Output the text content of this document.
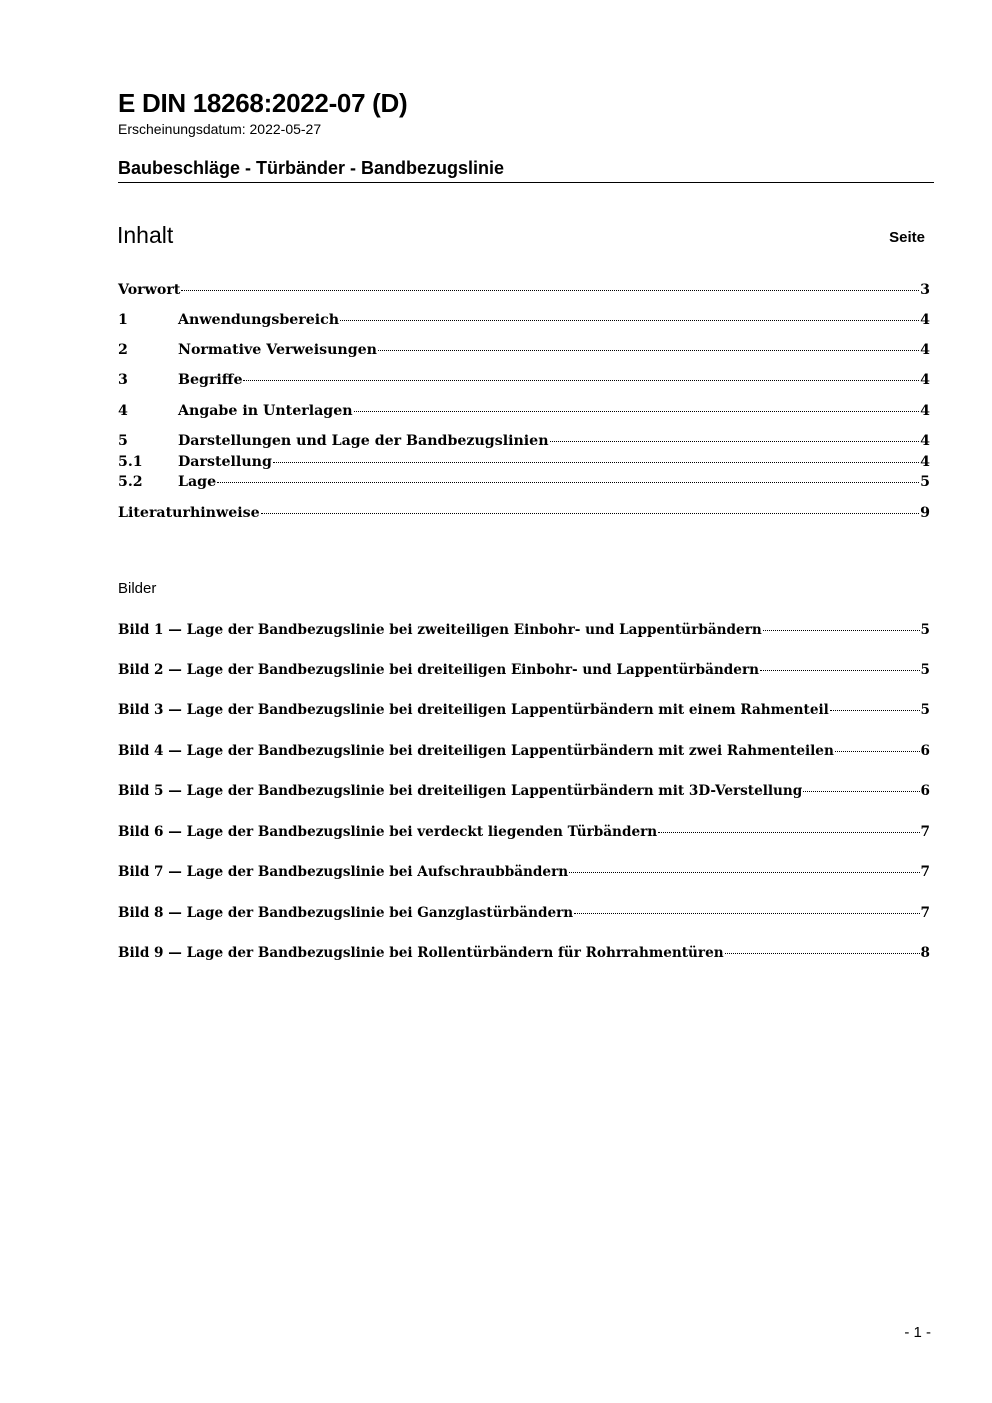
E DIN 18268:2022-07 (D)
Erscheinungsdatum: 2022-05-27
Baubeschläge - Türbänder - Bandbezugslinie
Inhalt	Seite
Vorwort	3
1	Anwendungsbereich	4
2	Normative Verweisungen	4
3	Begriffe	4
4	Angabe in Unterlagen	4
5	Darstellungen und Lage der Bandbezugslinien	4
5.1	Darstellung	4
5.2	Lage	5
Literaturhinweise	9
Bilder
Bild 1 — Lage der Bandbezugslinie bei zweiteiligen Einbohr- und Lappentürbändern	5
Bild 2 — Lage der Bandbezugslinie bei dreiteiligen Einbohr- und Lappentürbändern	5
Bild 3 — Lage der Bandbezugslinie bei dreiteiligen Lappentürbändern mit einem Rahmenteil	5
Bild 4 — Lage der Bandbezugslinie bei dreiteiligen Lappentürbändern mit zwei Rahmenteilen	6
Bild 5 — Lage der Bandbezugslinie bei dreiteiligen Lappentürbändern mit 3D-Verstellung	6
Bild 6 — Lage der Bandbezugslinie bei verdeckt liegenden Türbändern	7
Bild 7 — Lage der Bandbezugslinie bei Aufschraubbändern	7
Bild 8 — Lage der Bandbezugslinie bei Ganzglastürbändern	7
Bild 9 — Lage der Bandbezugslinie bei Rollentürbändern für Rohrrahmentüren	8
- 1 -
